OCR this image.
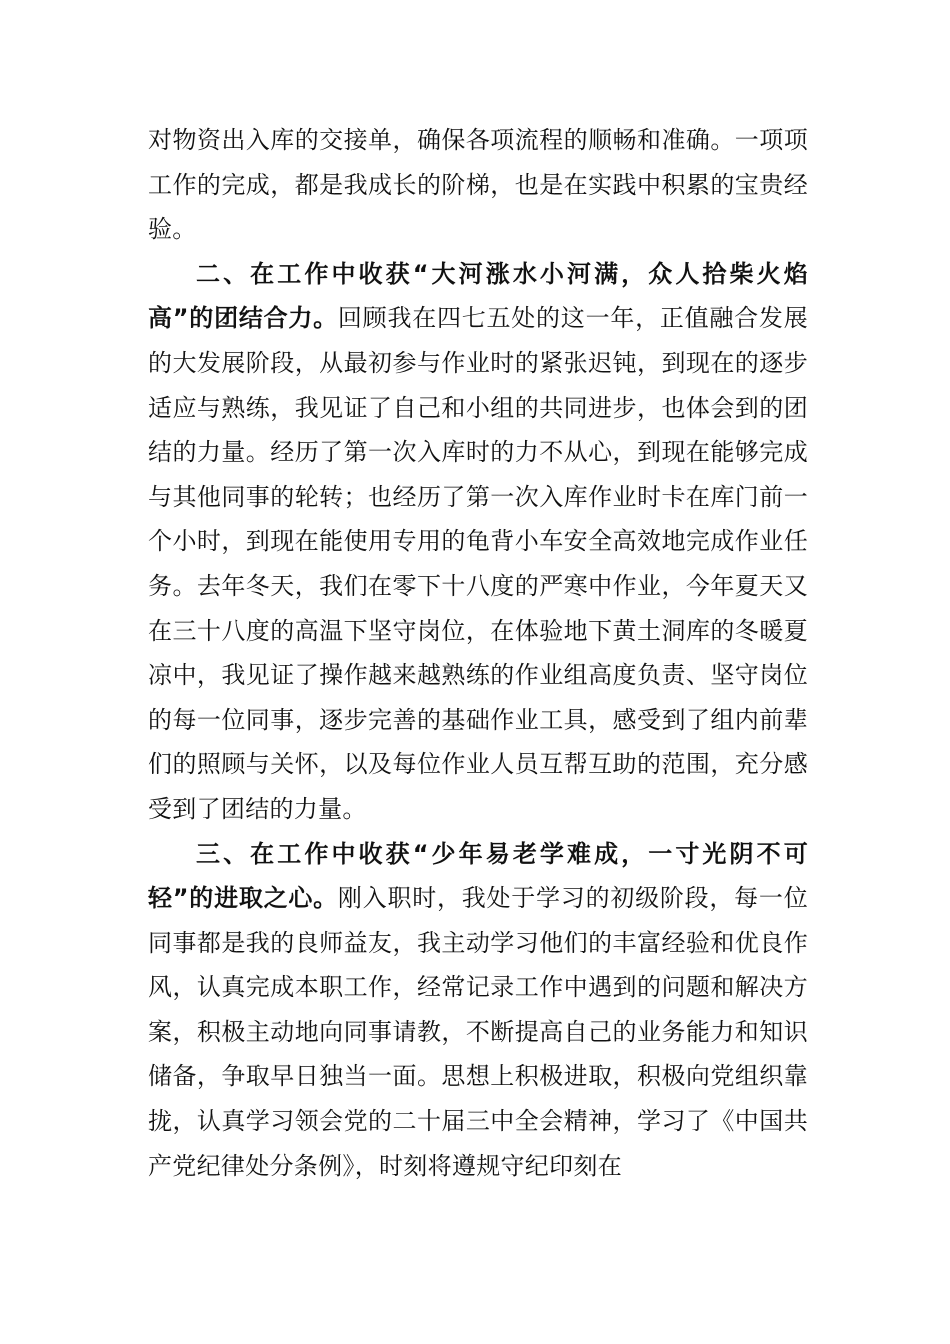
对物资出入库的交接单，确保各项流程的顺畅和准确。一项项工作的完成，都是我成长的阶梯，也是在实践中积累的宝贵经验。

二、在工作中收获“大河涨水小河满，众人拾柴火焰高”的团结合力。回顾我在四七五处的这一年，正值融合发展的大发展阶段，从最初参与作业时的紧张迟钝，到现在的逐步适应与熟练，我见证了自己和小组的共同进步，也体会到的团结的力量。经历了第一次入库时的力不从心，到现在能够完成与其他同事的轮转；也经历了第一次入库作业时卡在库门前一个小时，到现在能使用专用的龟背小车安全高效地完成作业任务。去年冬天，我们在零下十八度的严寒中作业，今年夏天又在三十八度的高温下坚守岗位，在体验地下黄土洞库的冬暖夏凉中，我见证了操作越来越熟练的作业组高度负责、坚守岗位的每一位同事，逐步完善的基础作业工具，感受到了组内前辈们的照顾与关怀，以及每位作业人员互帮互助的范围，充分感受到了团结的力量。

三、在工作中收获“少年易老学难成，一寸光阴不可轻”的进取之心。刚入职时，我处于学习的初级阶段，每一位同事都是我的良师益友，我主动学习他们的丰富经验和优良作风，认真完成本职工作，经常记录工作中遇到的问题和解决方案，积极主动地向同事请教，不断提高自己的业务能力和知识储备，争取早日独当一面。思想上积极进取，积极向党组织靠拢，认真学习领会党的二十届三中全会精神，学习了《中国共产党纪律处分条例》，时刻将遵规守纪印刻在
